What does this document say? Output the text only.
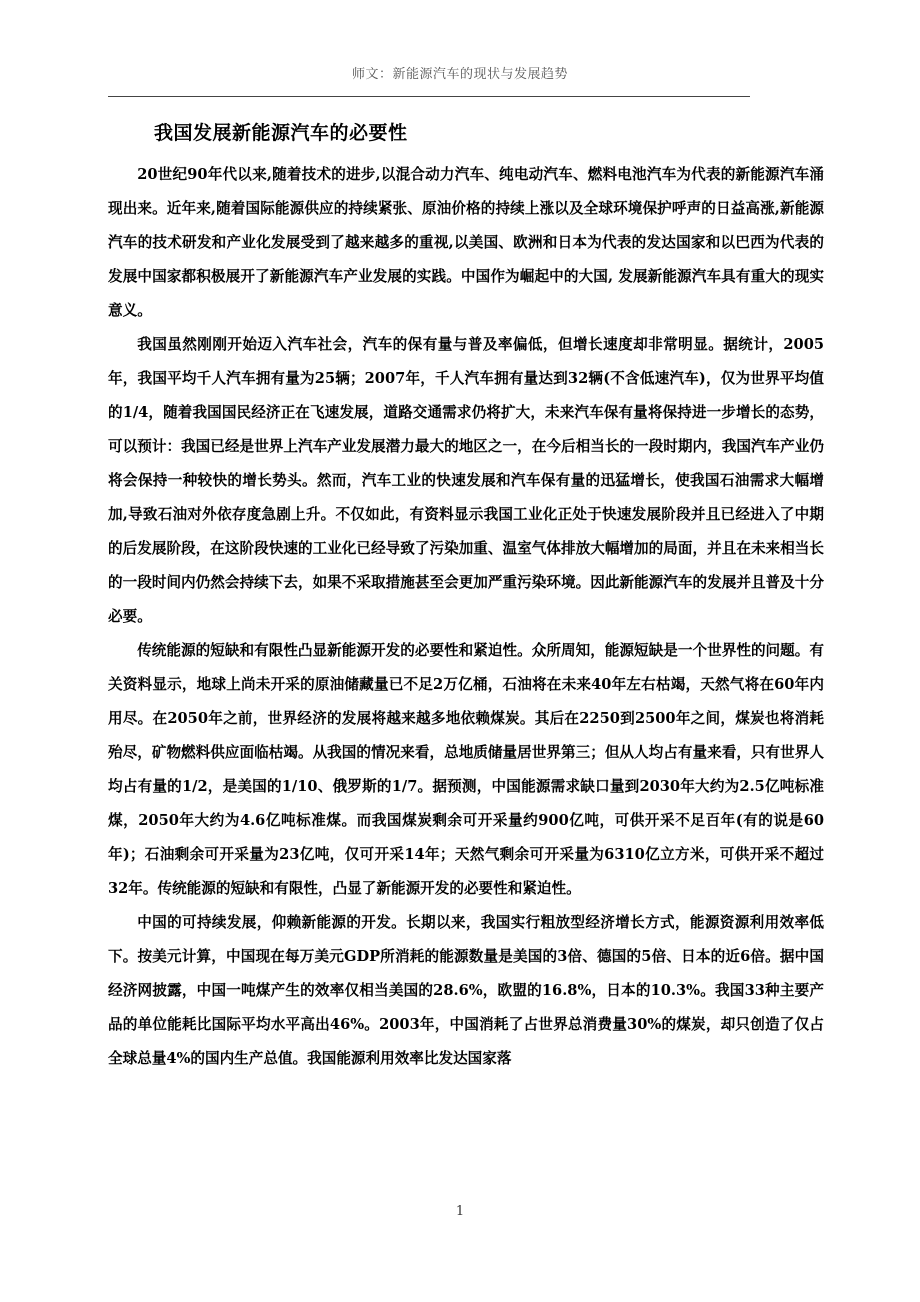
师文：新能源汽车的现状与发展趋势
我国发展新能源汽车的必要性

20世纪90年代以来,随着技术的进步,以混合动力汽车、纯电动汽车、燃料电池汽车为代表的新能源汽车涌现出来。近年来,随着国际能源供应的持续紧张、原油价格的持续上涨以及全球环境保护呼声的日益高涨,新能源汽车的技术研发和产业化发展受到了越来越多的重视,以美国、欧洲和日本为代表的发达国家和以巴西为代表的发展中国家都积极展开了新能源汽车产业发展的实践。中国作为崛起中的大国, 发展新能源汽车具有重大的现实意义。

我国虽然刚刚开始迈入汽车社会，汽车的保有量与普及率偏低，但增长速度却非常明显。据统计，2005年，我国平均千人汽车拥有量为25辆；2007年，千人汽车拥有量达到32辆(不含低速汽车)，仅为世界平均值的1/4，随着我国国民经济正在飞速发展，道路交通需求仍将扩大，未来汽车保有量将保持进一步增长的态势，可以预计：我国已经是世界上汽车产业发展潜力最大的地区之一，在今后相当长的一段时期内，我国汽车产业仍将会保持一种较快的增长势头。然而，汽车工业的快速发展和汽车保有量的迅猛增长，使我国石油需求大幅增加,导致石油对外依存度急剧上升。不仅如此，有资料显示我国工业化正处于快速发展阶段并且已经进入了中期的后发展阶段，在这阶段快速的工业化已经导致了污染加重、温室气体排放大幅增加的局面，并且在未来相当长的一段时间内仍然会持续下去，如果不采取措施甚至会更加严重污染环境。因此新能源汽车的发展并且普及十分必要。

传统能源的短缺和有限性凸显新能源开发的必要性和紧迫性。众所周知，能源短缺是一个世界性的问题。有关资料显示，地球上尚未开采的原油储藏量已不足2万亿桶，石油将在未来40年左右枯竭，天然气将在60年内用尽。在2050年之前，世界经济的发展将越来越多地依赖煤炭。其后在2250到2500年之间，煤炭也将消耗殆尽，矿物燃料供应面临枯竭。从我国的情况来看，总地质储量居世界第三；但从人均占有量来看，只有世界人均占有量的1/2，是美国的1/10、俄罗斯的1/7。据预测，中国能源需求缺口量到2030年大约为2.5亿吨标准煤，2050年大约为4.6亿吨标准煤。而我国煤炭剩余可开采量约900亿吨，可供开采不足百年(有的说是60年)；石油剩余可开采量为23亿吨，仅可开采14年；天然气剩余可开采量为6310亿立方米，可供开采不超过32年。传统能源的短缺和有限性，凸显了新能源开发的必要性和紧迫性。

中国的可持续发展，仰赖新能源的开发。长期以来，我国实行粗放型经济增长方式，能源资源利用效率低下。按美元计算，中国现在每万美元GDP所消耗的能源数量是美国的3倍、德国的5倍、日本的近6倍。据中国经济网披露，中国一吨煤产生的效率仅相当美国的28.6%，欧盟的16.8%，日本的10.3%。我国33种主要产品的单位能耗比国际平均水平高出46%。2003年，中国消耗了占世界总消费量30%的煤炭，却只创造了仅占全球总量4%的国内生产总值。我国能源利用效率比发达国家落

1
